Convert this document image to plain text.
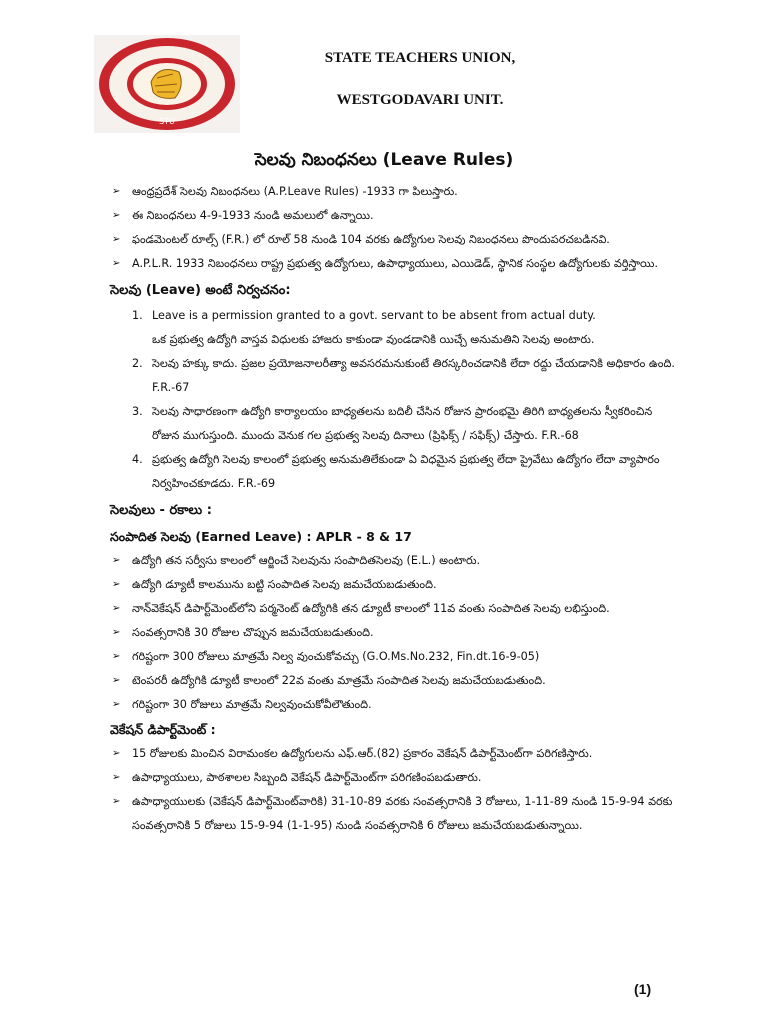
STU
STATE TEACHERS UNION,
WESTGODAVARI UNIT.
సెలవు నిబంధనలు (Leave Rules)
➢ ఆంధ్రప్రదేశ్ సెలవు నిబంధనలు (A.P.Leave Rules) -1933 గా పిలుస్తారు.
➢ ఈ నిబంధనలు 4-9-1933 నుండి అమలులో ఉన్నాయి.
➢ ఫండమెంటల్ రూల్స్ (F.R.) లో రూల్ 58 నుండి 104 వరకు ఉద్యోగుల సెలవు నిబంధనలు పొందుపరచబడినవి.
➢ A.P.L.R. 1933 నిబంధనలు రాష్ట్ర ప్రభుత్వ ఉద్యోగులు, ఉపాధ్యాయులు, ఎయిడెడ్, స్థానిక సంస్థల ఉద్యోగులకు వర్తిస్తాయి.
సెలవు (Leave) అంటే నిర్వచనం:
1. Leave is a permission granted to a govt. servant to be absent from actual duty.
ఒక ప్రభుత్వ ఉద్యోగి వాస్తవ విధులకు హాజరు కాకుండా వుండడానికి యిచ్చే అనుమతిని సెలవు అంటారు.
2. సెలవు హక్కు కాదు. ప్రజల ప్రయోజనాలరీత్యా అవసరమనుకుంటే తిరస్కరించడానికి లేదా రద్దు చేయడానికి అధికారం ఉంది. F.R.-67
3. సెలవు సాధారణంగా ఉద్యోగి కార్యాలయం బాధ్యతలను బదిలీ చేసిన రోజున ప్రారంభమై తిరిగి బాధ్యతలను స్వీకరించిన రోజున ముగుస్తుంది. ముందు వెనుక గల ప్రభుత్వ సెలవు దినాలు (ప్రిఫిక్స్ / సఫిక్స్) చేస్తారు. F.R.-68
4. ప్రభుత్వ ఉద్యోగి సెలవు కాలంలో ప్రభుత్వ అనుమతిలేకుండా ఏ విధమైన ప్రభుత్వ లేదా ప్రైవేటు ఉద్యోగం లేదా వ్యాపారం నిర్వహించకూడదు. F.R.-69
సెలవులు - రకాలు :
సంపాదిత సెలవు (Earned Leave) : APLR - 8 & 17
➢ ఉద్యోగి తన సర్వీసు కాలంలో ఆర్జించే సెలవును సంపాదితసెలవు (E.L.) అంటారు.
➢ ఉద్యోగి డ్యూటీ కాలమును బట్టి సంపాదిత సెలవు జమచేయబడుతుంది.
➢ నాన్‌వెకేషన్ డిపార్ట్‌మెంట్‌లోని పర్మనెంట్ ఉద్యోగికి తన డ్యూటీ కాలంలో 11వ వంతు సంపాదిత సెలవు లభిస్తుంది.
➢ సంవత్సరానికి 30 రోజుల చొప్పున జమచేయబడుతుంది.
➢ గరిష్టంగా 300 రోజులు మాత్రమే నిల్వ వుంచుకోవచ్చు (G.O.Ms.No.232, Fin.dt.16-9-05)
➢ టెంపరరీ ఉద్యోగికి డ్యూటీ కాలంలో 22వ వంతు మాత్రమే సంపాదిత సెలవు జమచేయబడుతుంది.
➢ గరిష్టంగా 30 రోజులు మాత్రమే నిల్వవుంచుకోవీలౌతుంది.
వెకేషన్ డిపార్ట్‌మెంట్ :
➢ 15 రోజులకు మించిన విరామంకల ఉద్యోగులను ఎఫ్.ఆర్.(82) ప్రకారం వెకేషన్ డిపార్ట్‌మెంట్‌గా పరిగణిస్తారు.
➢ ఉపాధ్యాయులు, పాఠశాలల సిబ్బంది వెకేషన్ డిపార్ట్‌మెంట్‌గా పరిగణింపబడుతారు.
➢ ఉపాధ్యాయులకు (వెకేషన్ డిపార్ట్‌మెంట్‌వారికి) 31-10-89 వరకు సంవత్సరానికి 3 రోజులు, 1-11-89 నుండి 15-9-94 వరకు సంవత్సరానికి 5 రోజులు 15-9-94 (1-1-95) నుండి సంవత్సరానికి 6 రోజులు జమచేయబడుతున్నాయి.
(1)
